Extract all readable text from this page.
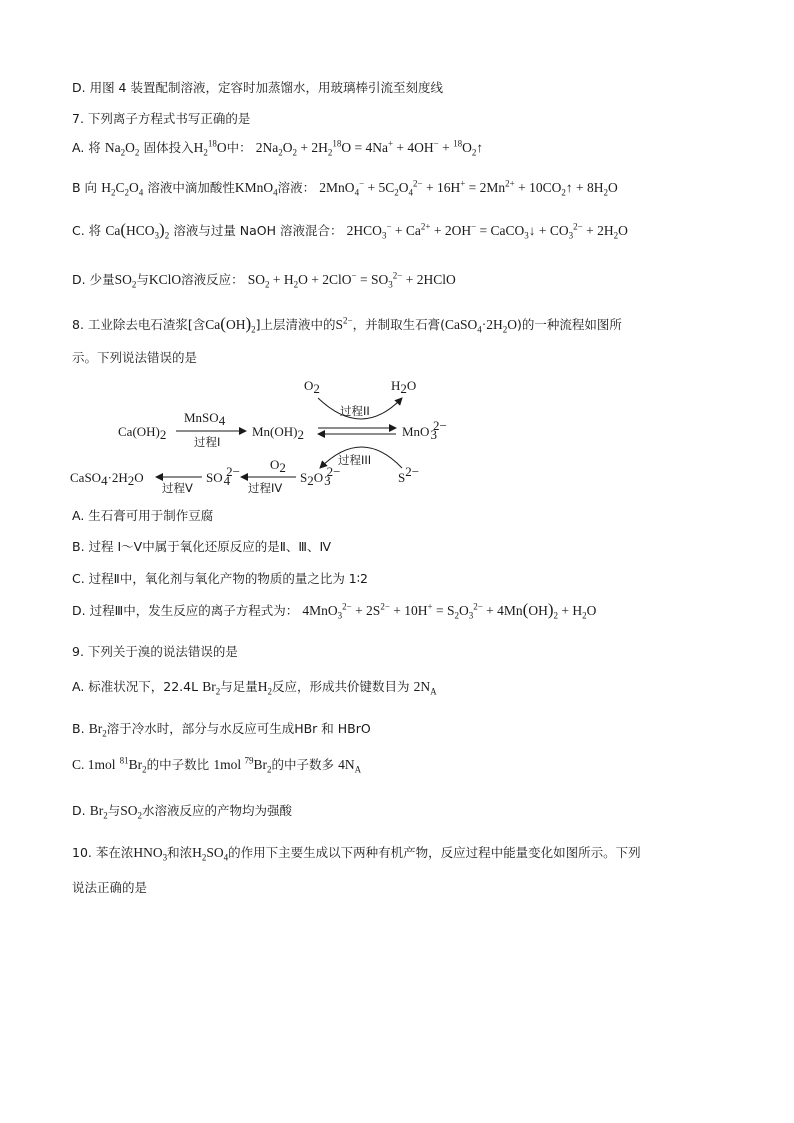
D. 用图 4 装置配制溶液，定容时加蒸馏水，用玻璃棒引流至刻度线
7. 下列离子方程式书写正确的是
A. 将 $Na_2O_2$ 固体投入$H_2^{18}O$中： $2Na_2O_2 + 2H_2^{18}O = 4Na^+ + 4OH^-$ + $^{18}O_2↑$
B 向 $H_2C_2O_4$ 溶液中滴加酸性KMnO$_4$溶液： $2MnO_4^- + 5C_2O_4^{2-} + 16H^+ = 2Mn^{2+}$ + $10CO_2↑ + 8H_2O$
C. 将 $Ca(HCO_3)_2$ 溶液与过量 NaOH 溶液混合： $2HCO_3^- + Ca^{2+} + 2OH^-$ = CaCO$_3$↓ + $CO_3^{2-} + 2H_2O$
D. 少量$SO_2$与KClO溶液反应： $SO_2 + H_2O + 2ClO^- = SO_3^{2-}$ + 2HClO
8. 工业除去电石渣浆[含$Ca(OH)_2$]上层清液中的$S^{2-}$，并制取生石膏$(CaSO_4\cdot 2H_2O)$的一种流程如图所
示。下列说法错误的是
Ca(OH)2
MnSO4
过程I
Mn(OH)2	MnO32−
O2	H2O
过程II
过程III
S2−
S2O32−
O2
过程IV
SO42−
过程V
CaSO4·2H2O
A. 生石膏可用于制作豆腐
B. 过程 I～V中属于氧化还原反应的是Ⅱ、Ⅲ、Ⅳ
C. 过程Ⅱ中，氧化剂与氧化产物的物质的量之比为 1∶2
D. 过程Ⅲ中，发生反应的离子方程式为： $4MnO_3^{2-} + 2S^{2-} + 10H^+ = S_2O_3^{2-} + 4Mn(OH)_2 + H_2O$
9. 下列关于溴的说法错误的是
A. 标准状况下，22.4L $Br_2$与足量$H_2$反应，形成共价键数目为 $2N_A$
B. $Br_2$溶于冷水时，部分与水反应可生成HBr 和 HBrO
C. 1mol $^{81}Br_2$的中子数比 1mol $^{79}Br_2$的中子数多 $4N_A$
D. $Br_2$与$SO_2$水溶液反应的产物均为强酸
10. 苯在浓$HNO_3$和浓$H_2SO_4$的作用下主要生成以下两种有机产物，反应过程中能量变化如图所示。下列
说法正确的是
